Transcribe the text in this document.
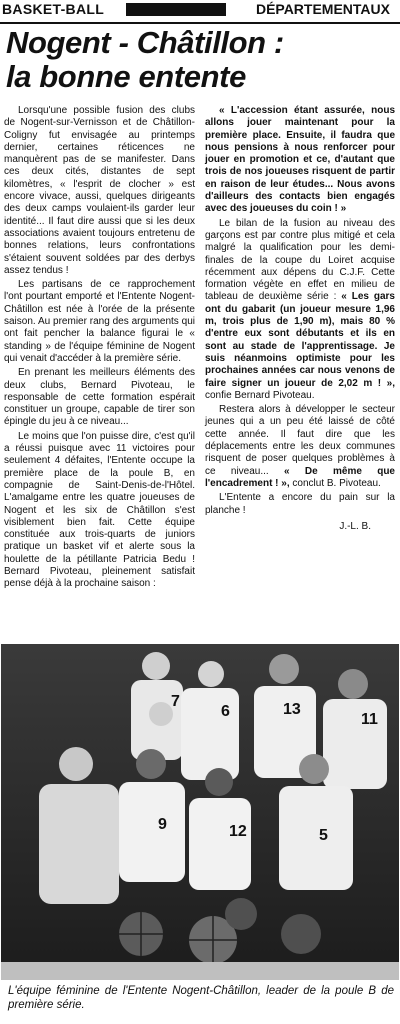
BASKET-BALL	DÉPARTEMENTAUX
Nogent - Châtillon :
la bonne entente

Lorsqu'une possible fusion des clubs de Nogent-sur-Vernisson et de Châtillon-Coligny fut envisagée au printemps dernier, certaines réticences ne manquèrent pas de se manifester. Dans ces deux cités, distantes de sept kilomètres, « l'esprit de clocher » est encore vivace, aussi, quelques dirigeants des deux camps voulaient-ils garder leur identité... Il faut dire aussi que si les deux associations avaient toujours entretenu de bonnes relations, leurs confrontations s'étaient souvent soldées par des derbys assez tendus !

Les partisans de ce rapprochement l'ont pourtant emporté et l'Entente Nogent-Châtillon est née à l'orée de la présente saison. Au premier rang des arguments qui ont fait pencher la balance figurai le « standing » de l'équipe féminine de Nogent qui venait d'accéder à la première série.

En prenant les meilleurs éléments des deux clubs, Bernard Pivoteau, le responsable de cette formation espérait constituer un groupe, capable de tirer son épingle du jeu à ce niveau...

Le moins que l'on puisse dire, c'est qu'il a réussi puisque avec 11 victoires pour seulement 4 défaites, l'Entente occupe la première place de la poule B, en compagnie de Saint-Denis-de-l'Hôtel. L'amalgame entre les quatre joueuses de Nogent et les six de Châtillon s'est visiblement bien fait. Cette équipe constituée aux trois-quarts de juniors pratique un basket vif et alerte sous la houlette de la pétillante Patricia Bedu ! Bernard Pivoteau, pleinement satisfait pense déjà à la prochaine saison :

« L'accession étant assurée, nous allons jouer maintenant pour la première place. Ensuite, il faudra que nous pensions à nous renforcer pour jouer en promotion et ce, d'autant que trois de nos joueuses risquent de partir en raison de leur études... Nous avons d'ailleurs des contacts bien engagés avec des joueuses du coin ! »

Le bilan de la fusion au niveau des garçons est par contre plus mitigé et cela malgré la qualification pour les demi-finales de la coupe du Loiret acquise récemment aux dépens du C.J.F. Cette formation végète en effet en milieu de tableau de deuxième série : « Les gars ont du gabarit (un joueur mesure 1,96 m, trois plus de 1,90 m), mais 80 % d'entre eux sont débutants et ils en sont au stade de l'apprentissage. Je suis néanmoins optimiste pour les prochaines années car nous venons de faire signer un joueur de 2,02 m ! », confie Bernard Pivoteau.

Restera alors à développer le secteur jeunes qui a un peu été laissé de côté cette année. Il faut dire que les déplacements entre les deux communes risquent de poser quelques problèmes à ce niveau... « De même que l'encadrement ! », conclut B. Pivoteau.

L'Entente a encore du pain sur la planche !

J.-L. B.
7
6	13
11
9	12	5
L'équipe féminine de l'Entente Nogent-Châtillon, leader de la poule B de première série.
